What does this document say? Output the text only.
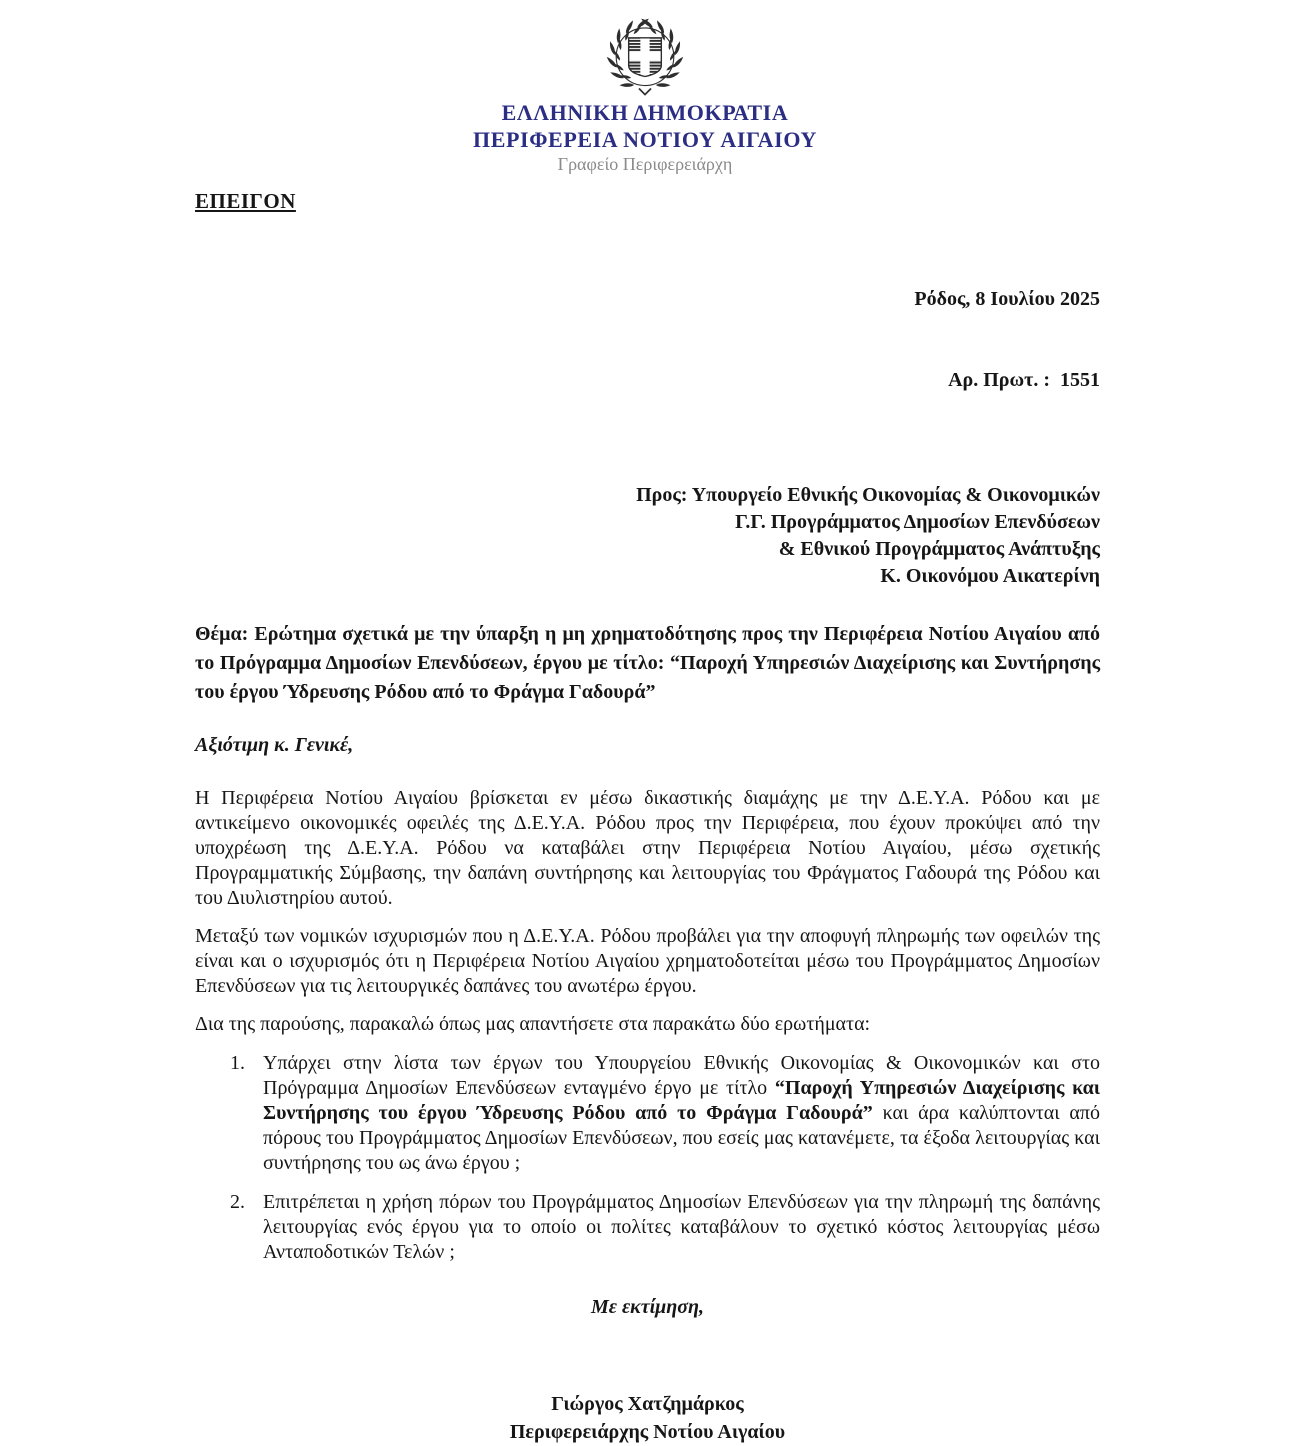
ΕΛΛΗΝΙΚΗ ΔΗΜΟΚΡΑΤΙΑ
ΠΕΡΙΦΕΡΕΙΑ ΝΟΤΙΟΥ ΑΙΓΑΙΟΥ
Γραφείο Περιφερειάρχη
ΕΠΕΙΓΟΝ

Ρόδος, 8 Ιουλίου 2025

Αρ. Πρωτ. :  1551

Προς: Υπουργείο Εθνικής Οικονομίας & Οικονομικών
Γ.Γ. Προγράμματος Δημοσίων Επενδύσεων
& Εθνικού Προγράμματος Ανάπτυξης
Κ. Οικονόμου Αικατερίνη
Θέμα: Ερώτημα σχετικά με την ύπαρξη η μη χρηματοδότησης προς την Περιφέρεια Νοτίου Αιγαίου από το Πρόγραμμα Δημοσίων Επενδύσεων, έργου με τίτλο: “Παροχή Υπηρεσιών Διαχείρισης και Συντήρησης του έργου Ύδρευσης Ρόδου από το Φράγμα Γαδουρά”
Αξιότιμη κ. Γενικέ,

Η Περιφέρεια Νοτίου Αιγαίου βρίσκεται εν μέσω δικαστικής διαμάχης με την Δ.Ε.Υ.Α. Ρόδου και με αντικείμενο οικονομικές οφειλές της Δ.Ε.Υ.Α. Ρόδου προς την Περιφέρεια, που έχουν προκύψει από την υποχρέωση της Δ.Ε.Υ.Α. Ρόδου να καταβάλει στην Περιφέρεια Νοτίου Αιγαίου, μέσω σχετικής Προγραμματικής Σύμβασης, την δαπάνη συντήρησης και λειτουργίας του Φράγματος Γαδουρά της Ρόδου και του Διυλιστηρίου αυτού.

Μεταξύ των νομικών ισχυρισμών που η Δ.Ε.Υ.Α. Ρόδου προβάλει για την αποφυγή πληρωμής των οφειλών της είναι και ο ισχυρισμός ότι η Περιφέρεια Νοτίου Αιγαίου χρηματοδοτείται μέσω του Προγράμματος Δημοσίων Επενδύσεων για τις λειτουργικές δαπάνες του ανωτέρω έργου.

Δια της παρούσης, παρακαλώ όπως μας απαντήσετε στα παρακάτω δύο ερωτήματα:

1. Υπάρχει στην λίστα των έργων του Υπουργείου Εθνικής Οικονομίας & Οικονομικών και στο Πρόγραμμα Δημοσίων Επενδύσεων ενταγμένο έργο με τίτλο “Παροχή Υπηρεσιών Διαχείρισης και Συντήρησης του έργου Ύδρευσης Ρόδου από το Φράγμα Γαδουρά” και άρα καλύπτονται από πόρους του Προγράμματος Δημοσίων Επενδύσεων, που εσείς μας κατανέμετε, τα έξοδα λειτουργίας και συντήρησης του ως άνω έργου ;
2. Επιτρέπεται η χρήση πόρων του Προγράμματος Δημοσίων Επενδύσεων για την πληρωμή της δαπάνης λειτουργίας ενός έργου για το οποίο οι πολίτες καταβάλουν το σχετικό κόστος λειτουργίας μέσω Ανταποδοτικών Τελών ;
Με εκτίμηση,
Γιώργος Χατζημάρκος
Περιφερειάρχης Νοτίου Αιγαίου
